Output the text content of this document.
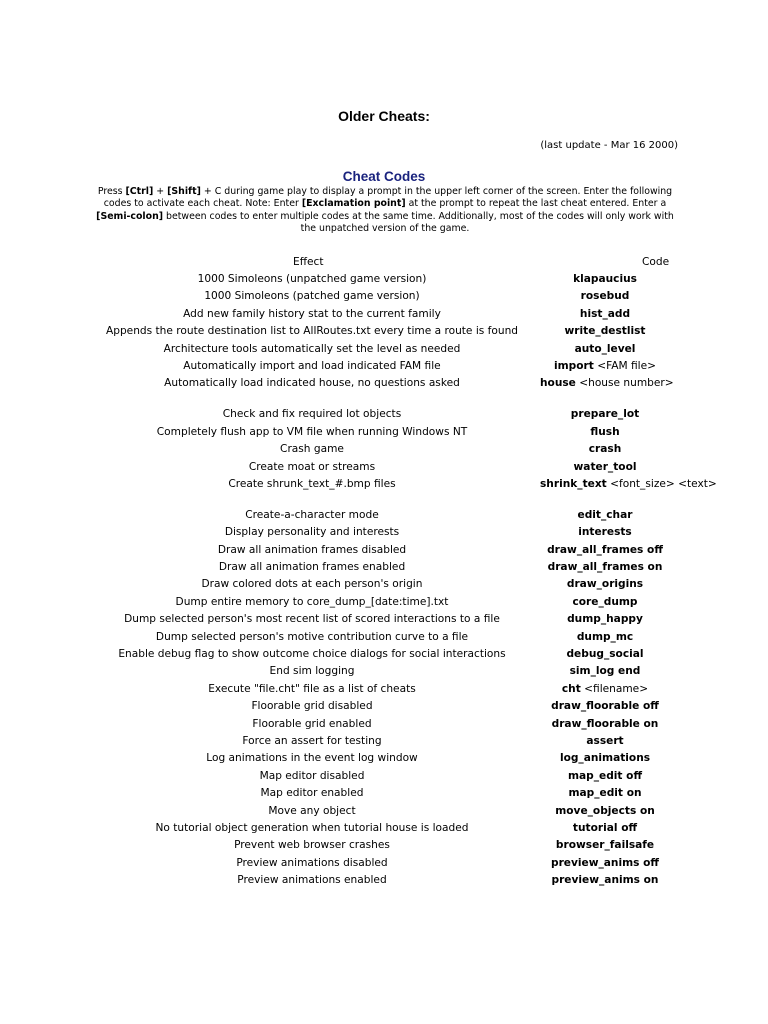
Older Cheats:
(last update - Mar 16 2000)
Cheat Codes
Press [Ctrl] + [Shift] + C during game play to display a prompt in the upper left corner of the screen. Enter the following codes to activate each cheat. Note: Enter [Exclamation point] at the prompt to repeat the last cheat entered. Enter a [Semi-colon] between codes to enter multiple codes at the same time. Additionally, most of the codes will only work with the unpatched version of the game.
Effect	Code

1000 Simoleons (unpatched game version)	klapaucius

1000 Simoleons (patched game version)	rosebud

Add new family history stat to the current family	hist_add

Appends the route destination list to AllRoutes.txt every time a route is found	write_destlist

Architecture tools automatically set the level as needed	auto_level

Automatically import and load indicated FAM file	import <FAM file>

Automatically load indicated house, no questions asked	house <house number>

Check and fix required lot objects	prepare_lot

Completely flush app to VM file when running Windows NT	flush

Crash game	crash

Create moat or streams	water_tool

Create shrunk_text_#.bmp files	shrink_text <font_size> <text>

Create-a-character mode	edit_char

Display personality and interests	interests

Draw all animation frames disabled	draw_all_frames off

Draw all animation frames enabled	draw_all_frames on

Draw colored dots at each person's origin	draw_origins

Dump entire memory to core_dump_[date:time].txt	core_dump

Dump selected person's most recent list of scored interactions to a file	dump_happy

Dump selected person's motive contribution curve to a file	dump_mc

Enable debug flag to show outcome choice dialogs for social interactions	debug_social

End sim logging	sim_log end

Execute "file.cht" file as a list of cheats	cht <filename>

Floorable grid disabled	draw_floorable off

Floorable grid enabled	draw_floorable on

Force an assert for testing	assert

Log animations in the event log window	log_animations

Map editor disabled	map_edit off

Map editor enabled	map_edit on

Move any object	move_objects on

No tutorial object generation when tutorial house is loaded	tutorial off

Prevent web browser crashes	browser_failsafe

Preview animations disabled	preview_anims off

Preview animations enabled	preview_anims on
